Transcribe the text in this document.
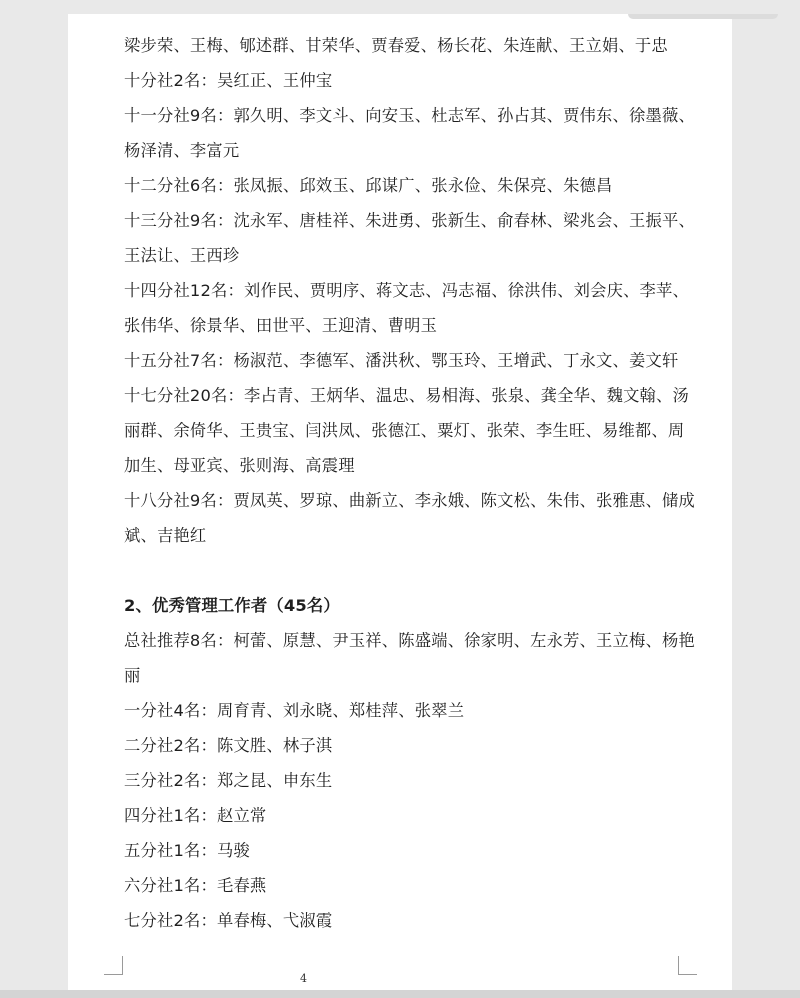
梁步荣、王梅、郇述群、甘荣华、贾春爱、杨长花、朱连献、王立娟、于忠
十分社2名：吴红正、王仲宝
十一分社9名：郭久明、李文斗、向安玉、杜志军、孙占其、贾伟东、徐墨薇、
杨泽清、李富元
十二分社6名：张凤振、邱效玉、邱谋广、张永俭、朱保亮、朱德昌
十三分社9名：沈永军、唐桂祥、朱进勇、张新生、俞春林、梁兆会、王振平、
王法让、王西珍
十四分社12名：刘作民、贾明序、蒋文志、冯志福、徐洪伟、刘会庆、李苹、
张伟华、徐景华、田世平、王迎清、曹明玉
十五分社7名：杨淑范、李德军、潘洪秋、鄂玉玲、王增武、丁永文、姜文轩
十七分社20名：李占青、王炳华、温忠、易相海、张泉、龚全华、魏文翰、汤
丽群、余倚华、王贵宝、闫洪凤、张德江、粟灯、张荣、李生旺、易维都、周
加生、母亚宾、张则海、高震理
十八分社9名：贾凤英、罗琼、曲新立、李永娥、陈文松、朱伟、张雅惠、储成
斌、吉艳红
2、优秀管理工作者（45名）
总社推荐8名：柯蕾、原慧、尹玉祥、陈盛端、徐家明、左永芳、王立梅、杨艳
丽
一分社4名：周育青、刘永晓、郑桂萍、张翠兰
二分社2名：陈文胜、林子淇
三分社2名：郑之昆、申东生
四分社1名：赵立常
五分社1名：马骏
六分社1名：毛春燕
七分社2名：单春梅、弋淑霞
4
